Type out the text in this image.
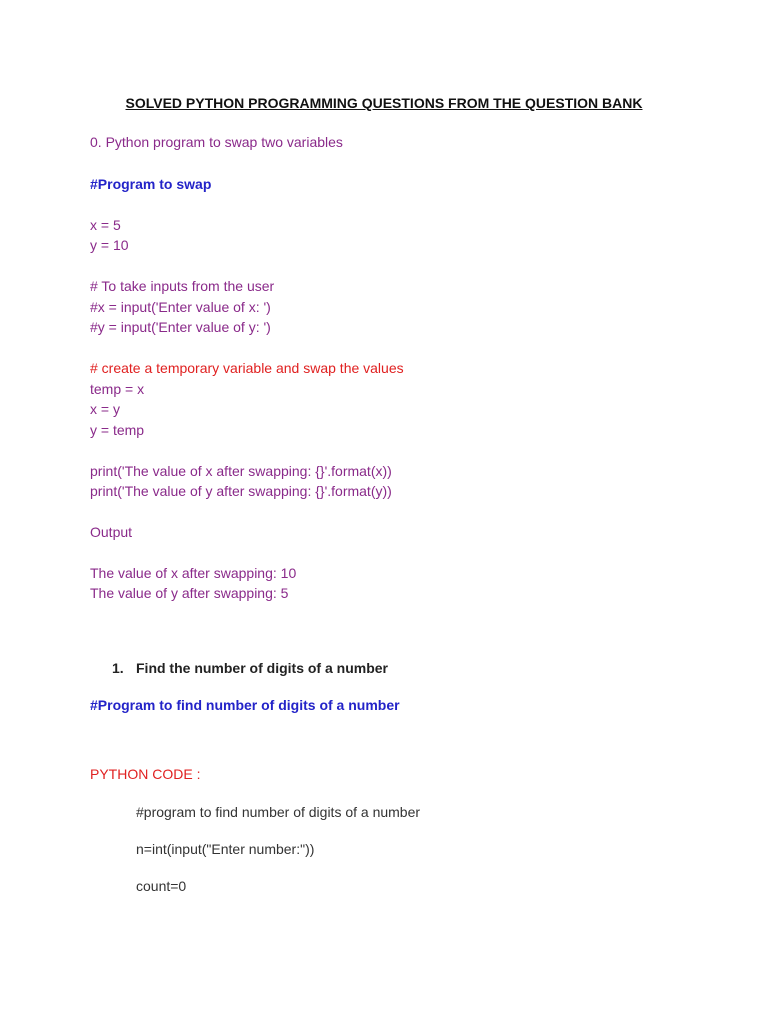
SOLVED PYTHON PROGRAMMING QUESTIONS FROM THE QUESTION BANK
0. Python program to swap two variables
#Program to swap
x = 5
y = 10
# To take inputs from the user
#x = input('Enter value of x: ')
#y = input('Enter value of y: ')
# create a temporary variable and swap the values
temp = x
x = y
y = temp
print('The value of x after swapping: {}'.format(x))
print('The value of y after swapping: {}'.format(y))
Output
The value of x after swapping: 10
The value of y after swapping: 5
1. Find the number of digits of a number
#Program to find number of digits of a number
PYTHON CODE :
#program to find number of digits of a number
n=int(input("Enter number:"))
count=0
